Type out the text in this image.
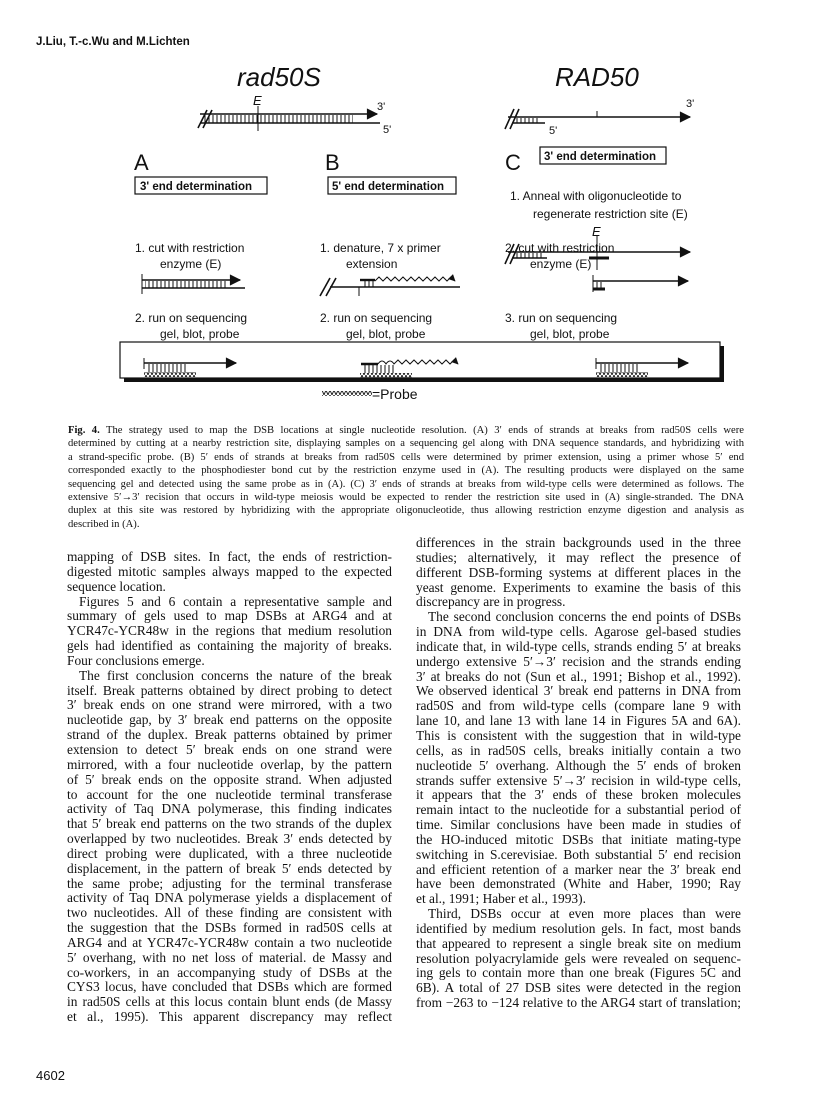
J.Liu, T.-c.Wu and M.Lichten
rad50S	RAD50
E	3'
5'
3'
5'
A	B	C
3' end determination	5' end determination
3' end determination
1. Anneal with oligonucleotide to
regenerate restriction site (E)
E
1. cut with restriction
enzyme (E)
1. denature, 7 x primer
extension
2. cut with restriction
enzyme (E)
2. run on sequencing
gel, blot, probe
2. run on sequencing
gel, blot, probe
3. run on sequencing
gel, blot, probe
=Probe
Fig. 4. The strategy used to map the DSB locations at single nucleotide resolution. (A) 3′ ends of strands at breaks from rad50S cells were
determined by cutting at a nearby restriction site, displaying samples on a sequencing gel along with DNA sequence standards, and hybridizing with
a strand-specific probe. (B) 5′ ends of strands at breaks from rad50S cells were determined by primer extension, using a primer whose 5′ end
corresponded exactly to the phosphodiester bond cut by the restriction enzyme used in (A). The resulting products were displayed on the same
sequencing gel and detected using the same probe as in (A). (C) 3′ ends of strands at breaks from wild-type cells were determined as follows. The
extensive 5′→3′ recision that occurs in wild-type meiosis would be expected to render the restriction site used in (A) single-stranded. The DNA
duplex at this site was restored by hybridizing with the appropriate oligonucleotide, thus allowing restriction enzyme digestion and analysis as
described in (A).
mapping of DSB sites. In fact, the ends of restriction-
digested mitotic samples always mapped to the expected
sequence location.
Figures 5 and 6 contain a representative sample and
summary of gels used to map DSBs at ARG4 and at
YCR47c-YCR48w in the regions that medium resolution
gels had identified as containing the majority of breaks.
Four conclusions emerge.
The first conclusion concerns the nature of the break
itself. Break patterns obtained by direct probing to detect
3′ break ends on one strand were mirrored, with a two
nucleotide gap, by 3′ break end patterns on the opposite
strand of the duplex. Break patterns obtained by primer
extension to detect 5′ break ends on one strand were
mirrored, with a four nucleotide overlap, by the pattern
of 5′ break ends on the opposite strand. When adjusted
to account for the one nucleotide terminal transferase
activity of Taq DNA polymerase, this finding indicates
that 5′ break end patterns on the two strands of the duplex
overlapped by two nucleotides. Break 3′ ends detected by
direct probing were duplicated, with a three nucleotide
displacement, in the pattern of break 5′ ends detected by
the same probe; adjusting for the terminal transferase
activity of Taq DNA polymerase yields a displacement of
two nucleotides. All of these finding are consistent with
the suggestion that the DSBs formed in rad50S cells at
ARG4 and at YCR47c-YCR48w contain a two nucleotide
5′ overhang, with no net loss of material. de Massy and
co-workers, in an accompanying study of DSBs at the
CYS3 locus, have concluded that DSBs which are formed
in rad50S cells at this locus contain blunt ends (de Massy
et al., 1995). This apparent discrepancy may reflect
differences in the strain backgrounds used in the three
studies; alternatively, it may reflect the presence of
different DSB-forming systems at different places in the
yeast genome. Experiments to examine the basis of this
discrepancy are in progress.
The second conclusion concerns the end points of DSBs
in DNA from wild-type cells. Agarose gel-based studies
indicate that, in wild-type cells, strands ending 5′ at breaks
undergo extensive 5′→3′ recision and the strands ending
3′ at breaks do not (Sun et al., 1991; Bishop et al., 1992).
We observed identical 3′ break end patterns in DNA from
rad50S and from wild-type cells (compare lane 9 with
lane 10, and lane 13 with lane 14 in Figures 5A and 6A).
This is consistent with the suggestion that in wild-type
cells, as in rad50S cells, breaks initially contain a two
nucleotide 5′ overhang. Although the 5′ ends of broken
strands suffer extensive 5′→3′ recision in wild-type cells,
it appears that the 3′ ends of these broken molecules
remain intact to the nucleotide for a substantial period of
time. Similar conclusions have been made in studies of
the HO-induced mitotic DSBs that initiate mating-type
switching in S.cerevisiae. Both substantial 5′ end recision
and efficient retention of a marker near the 3′ break end
have been demonstrated (White and Haber, 1990; Ray
et al., 1991; Haber et al., 1993).
Third, DSBs occur at even more places than were
identified by medium resolution gels. In fact, most bands
that appeared to represent a single break site on medium
resolution polyacrylamide gels were revealed on sequenc-
ing gels to contain more than one break (Figures 5C and
6B). A total of 27 DSB sites were detected in the region
from −263 to −124 relative to the ARG4 start of translation;
4602
